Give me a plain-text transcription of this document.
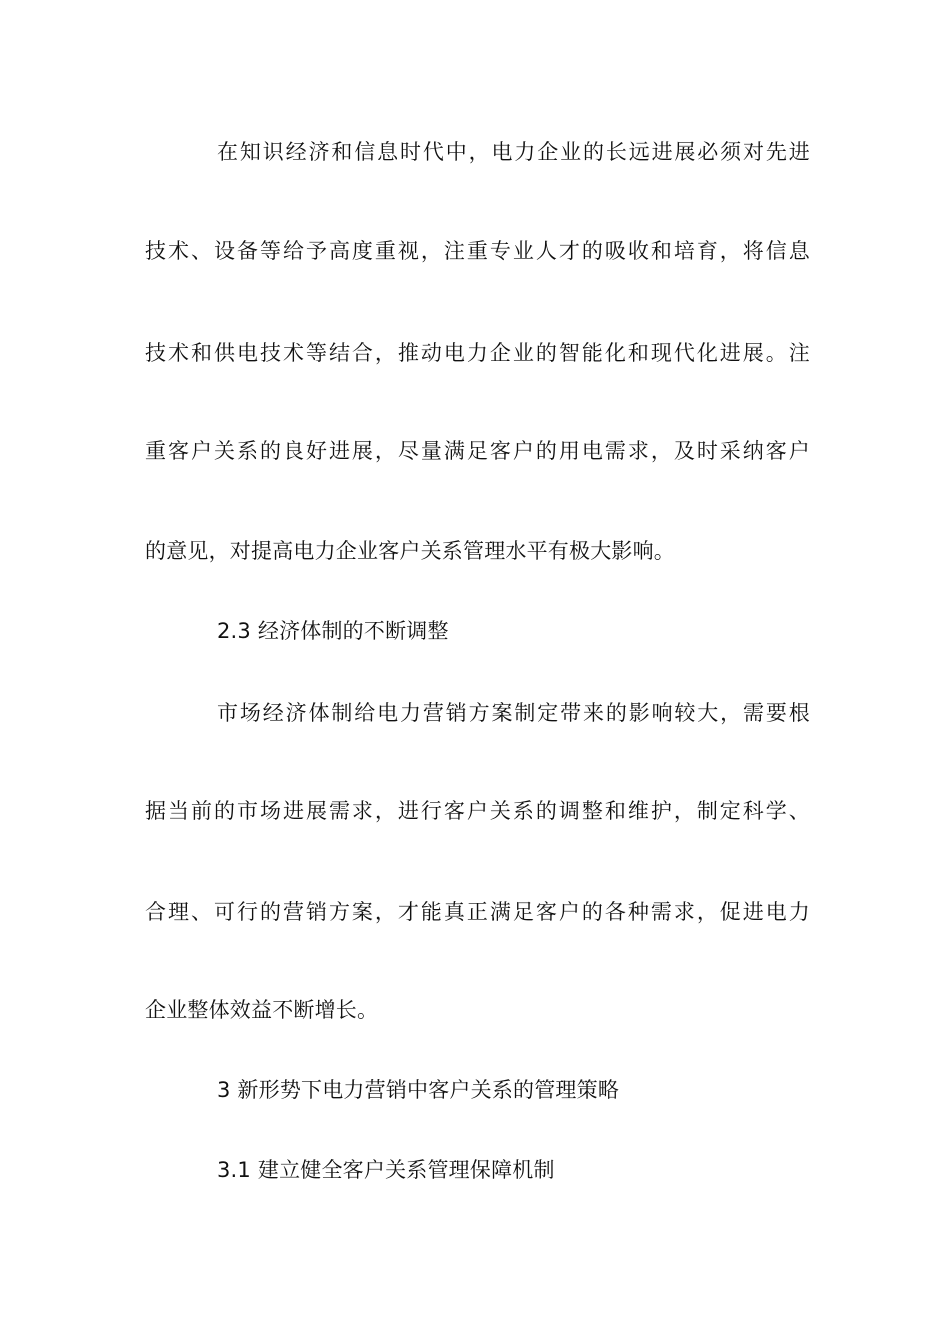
在知识经济和信息时代中，电力企业的长远进展必须对先进
技术、设备等给予高度重视，注重专业人才的吸收和培育，将信息
技术和供电技术等结合，推动电力企业的智能化和现代化进展。注
重客户关系的良好进展，尽量满足客户的用电需求，及时采纳客户
的意见，对提高电力企业客户关系管理水平有极大影响。
2.3 经济体制的不断调整
市场经济体制给电力营销方案制定带来的影响较大，需要根
据当前的市场进展需求，进行客户关系的调整和维护，制定科学、
合理、可行的营销方案，才能真正满足客户的各种需求，促进电力
企业整体效益不断增长。
3 新形势下电力营销中客户关系的管理策略
3.1 建立健全客户关系管理保障机制
